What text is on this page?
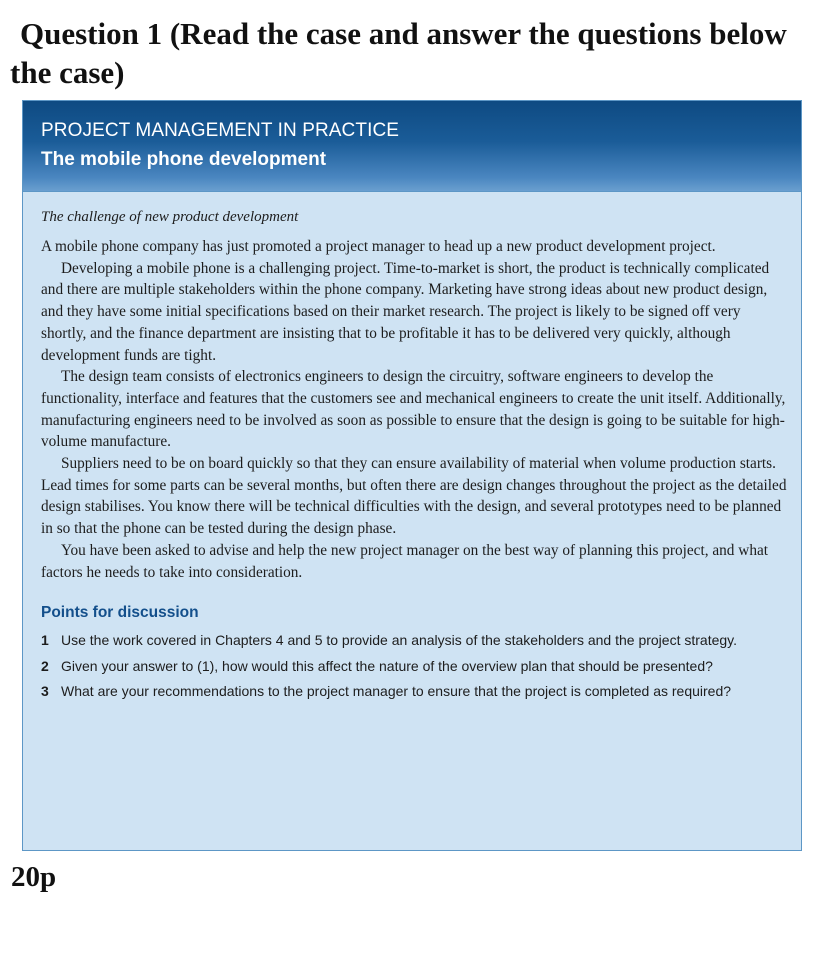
Question 1 (Read the case and answer the questions below the case)
PROJECT MANAGEMENT IN PRACTICE
The mobile phone development

The challenge of new product development

A mobile phone company has just promoted a project manager to head up a new product development project.

Developing a mobile phone is a challenging project. Time-to-market is short, the product is technically complicated and there are multiple stakeholders within the phone company. Marketing have strong ideas about new product design, and they have some initial specifications based on their market research. The project is likely to be signed off very shortly, and the finance department are insisting that to be profitable it has to be delivered very quickly, although development funds are tight.

The design team consists of electronics engineers to design the circuitry, software engineers to develop the functionality, interface and features that the customers see and mechanical engineers to create the unit itself. Additionally, manufacturing engineers need to be involved as soon as possible to ensure that the design is going to be suitable for high-volume manufacture.

Suppliers need to be on board quickly so that they can ensure availability of material when volume production starts. Lead times for some parts can be several months, but often there are design changes throughout the project as the detailed design stabilises. You know there will be technical difficulties with the design, and several prototypes need to be planned in so that the phone can be tested during the design phase.

You have been asked to advise and help the new project manager on the best way of planning this project, and what factors he needs to take into consideration.

Points for discussion
1 Use the work covered in Chapters 4 and 5 to provide an analysis of the stakeholders and the project strategy.
2 Given your answer to (1), how would this affect the nature of the overview plan that should be presented?
3 What are your recommendations to the project manager to ensure that the project is completed as required?
20p
